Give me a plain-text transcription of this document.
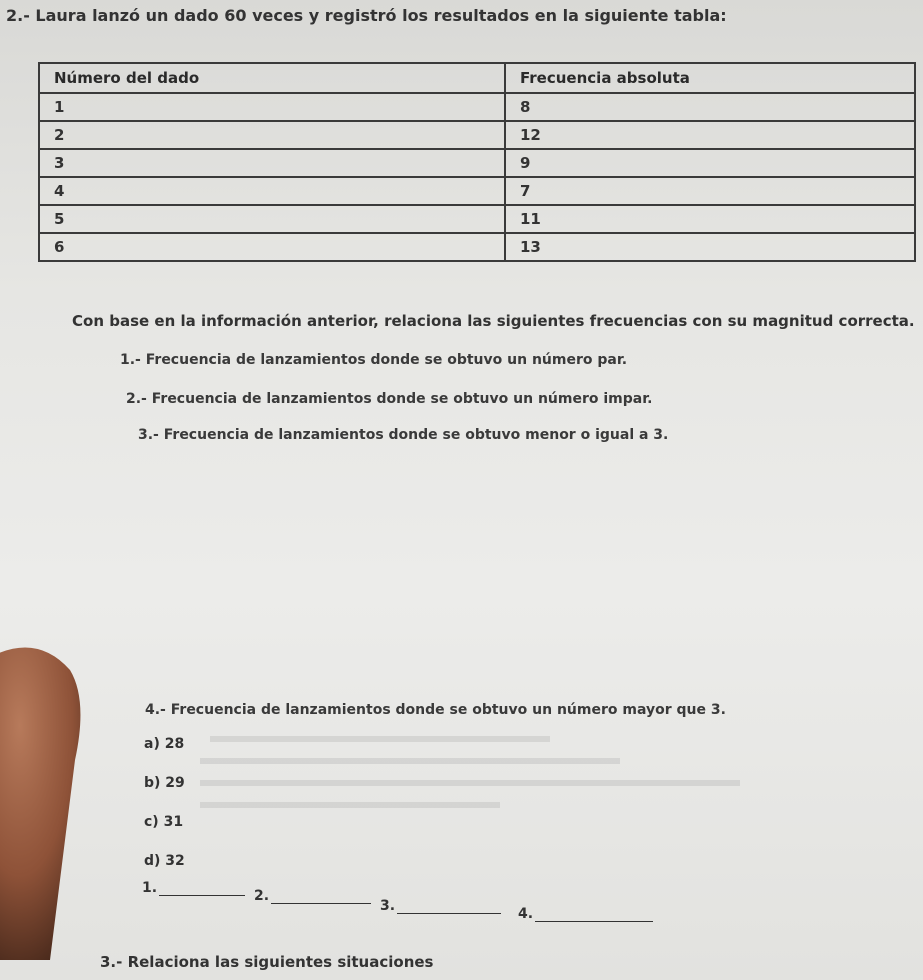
2.- Laura lanzó un dado 60 veces y registró los resultados en la siguiente tabla:
Número del dado	Frecuencia absoluta
1	8
2	12
3	9
4	7
5	11
6	13
Con base en la información anterior, relaciona las siguientes frecuencias con su magnitud correcta.
1.- Frecuencia de lanzamientos donde se obtuvo un número par.
2.- Frecuencia de lanzamientos donde se obtuvo un número impar.
3.- Frecuencia de lanzamientos donde se obtuvo menor o igual a 3.
4.- Frecuencia de lanzamientos donde se obtuvo un número mayor que 3.
a) 28
b) 29
c) 31
d) 32
1.	2.
3.	4.
3.- Relaciona las siguientes situaciones
